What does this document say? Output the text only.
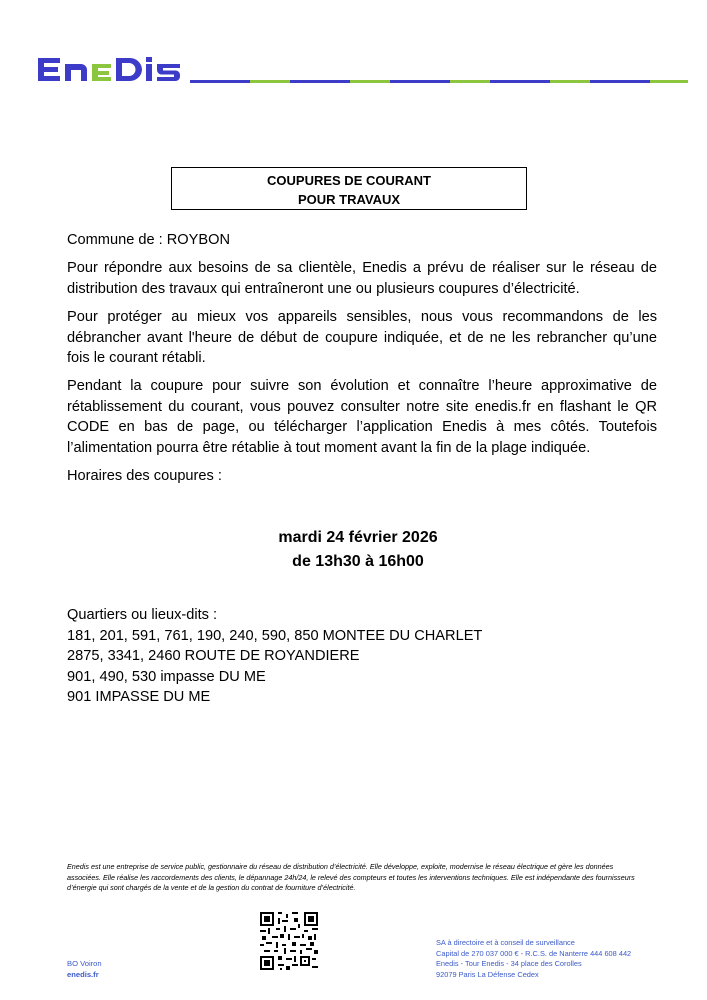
COUPURES DE COURANT
POUR TRAVAUX

Commune de : ROYBON

Pour répondre aux besoins de sa clientèle, Enedis a prévu de réaliser sur le réseau de distribution des travaux qui entraîneront une ou plusieurs coupures d’électricité.

Pour protéger au mieux vos appareils sensibles, nous vous recommandons de les débrancher avant l'heure de début de coupure indiquée, et de ne les rebrancher qu’une fois le courant rétabli.

Pendant la coupure pour suivre son évolution et connaître l’heure approximative de rétablissement du courant, vous pouvez consulter notre site enedis.fr en flashant le QR CODE en bas de page, ou télécharger l’application Enedis à mes côtés. Toutefois l’alimentation pourra être rétablie à tout moment avant la fin de la plage indiquée.

Horaires des coupures :

mardi 24 février 2026
de 13h30 à 16h00
Quartiers ou lieux-dits :
181, 201, 591, 761, 190, 240, 590, 850 MONTEE DU CHARLET
2875, 3341, 2460 ROUTE DE ROYANDIERE
901, 490, 530 impasse DU ME
901 IMPASSE DU ME
Enedis est une entreprise de service public, gestionnaire du réseau de distribution d’électricité. Elle développe, exploite, modernise le réseau électrique et gère les données associées. Elle réalise les raccordements des clients, le dépannage 24h/24, le relevé des compteurs et toutes les interventions techniques. Elle est indépendante des fournisseurs d’énergie qui sont chargés de la vente et de la gestion du contrat de fourniture d’électricité.
BO Voiron
enedis.fr
SA à directoire et à conseil de surveillance
Capital de 270 037 000 € - R.C.S. de Nanterre 444 608 442
Enedis - Tour Enedis - 34 place des Corolles
92079 Paris La Défense Cedex
